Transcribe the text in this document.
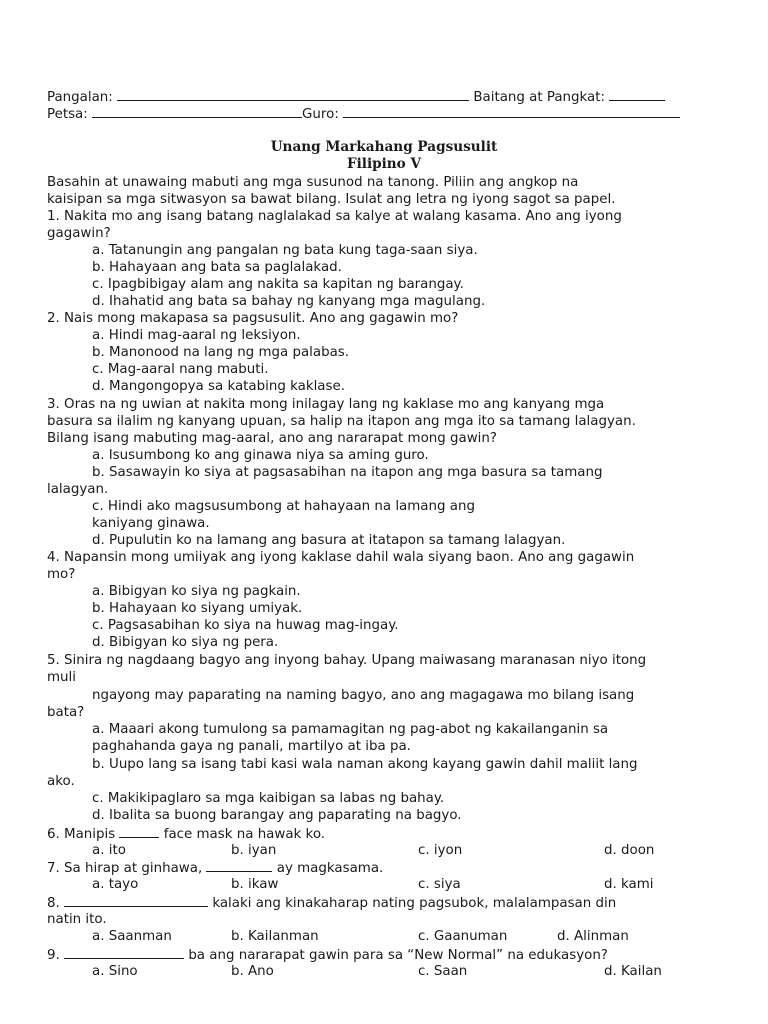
Pangalan:	Baitang at Pangkat:
Petsa:	Guro:
Unang Markahang Pagsusulit
Filipino V
Basahin at unawaing mabuti ang mga susunod na tanong. Piliin ang angkop na
kaisipan sa mga sitwasyon sa bawat bilang. Isulat ang letra ng iyong sagot sa papel.
1. Nakita mo ang isang batang naglalakad sa kalye at walang kasama. Ano ang iyong
gagawin?
a. Tatanungin ang pangalan ng bata kung taga-saan siya.
b. Hahayaan ang bata sa paglalakad.
c. Ipagbibigay alam ang nakita sa kapitan ng barangay.
d. Ihahatid ang bata sa bahay ng kanyang mga magulang.
2. Nais mong makapasa sa pagsusulit. Ano ang gagawin mo?
a. Hindi mag-aaral ng leksiyon.
b. Manonood na lang ng mga palabas.
c. Mag-aaral nang mabuti.
d. Mangongopya sa katabing kaklase.
3. Oras na ng uwian at nakita mong inilagay lang ng kaklase mo ang kanyang mga
basura sa ilalim ng kanyang upuan, sa halip na itapon ang mga ito sa tamang lalagyan.
Bilang isang mabuting mag-aaral, ano ang nararapat mong gawin?
a. Isusumbong ko ang ginawa niya sa aming guro.
b. Sasawayin ko siya at pagsasabihan na itapon ang mga basura sa tamang
lalagyan.
c. Hindi ako magsusumbong at hahayaan na lamang ang
kaniyang ginawa.
d. Pupulutin ko na lamang ang basura at itatapon sa tamang lalagyan.
4. Napansin mong umiiyak ang iyong kaklase dahil wala siyang baon. Ano ang gagawin
mo?
a. Bibigyan ko siya ng pagkain.
b. Hahayaan ko siyang umiyak.
c. Pagsasabihan ko siya na huwag mag-ingay.
d. Bibigyan ko siya ng pera.
5. Sinira ng nagdaang bagyo ang inyong bahay. Upang maiwasang maranasan niyo itong
muli
ngayong may paparating na naming bagyo, ano ang magagawa mo bilang isang
bata?
a. Maaari akong tumulong sa pamamagitan ng pag-abot ng kakailanganin sa
paghahanda gaya ng panali, martilyo at iba pa.
b. Uupo lang sa isang tabi kasi wala naman akong kayang gawin dahil maliit lang
ako.
c. Makikipaglaro sa mga kaibigan sa labas ng bahay.
d. Ibalita sa buong barangay ang paparating na bagyo.
6. Manipis	face mask na hawak ko.
a. ito	b. iyan	c. iyon	d. doon
7. Sa hirap at ginhawa,	ay magkasama.
a. tayo	b. ikaw	c. siya	d. kami
8.	kalaki ang kinakaharap nating pagsubok, malalampasan din
natin ito.
a. Saanman	b. Kailanman	c. Gaanuman	d. Alinman
9.	ba ang nararapat gawin para sa “New Normal” na edukasyon?
a. Sino	b. Ano	c. Saan	d. Kailan
